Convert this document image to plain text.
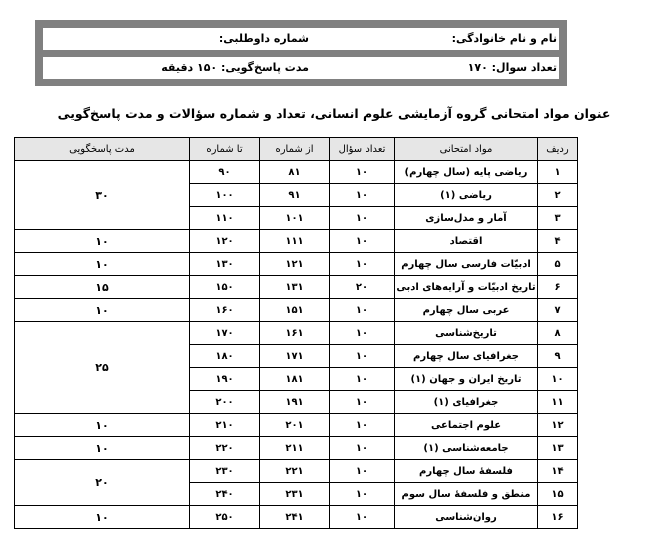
نام و نام خانوادگی:
شماره داوطلبی:
تعداد سوال: ۱۷۰
مدت پاسخ‌گویی: ۱۵۰ دقیقه
عنوان مواد امتحانی گروه آزمایشی علوم انسانی، تعداد و شماره سؤالات و مدت پاسخ‌گویی
ردیف	مواد امتحانی	تعداد سؤال	از شماره	تا شماره	مدت پاسخگویی
۱	ریاضی پایه (سال چهارم)	۱۰	۸۱	۹۰	۳۰
۲	ریاضی (۱)	۱۰	۹۱	۱۰۰	
۳	آمار و مدل‌سازی	۱۰	۱۰۱	۱۱۰	
۴	اقتصاد	۱۰	۱۱۱	۱۲۰	۱۰
۵	ادبیّات فارسی سال چهارم	۱۰	۱۲۱	۱۳۰	۱۰
۶	تاریخ ادبیّات و آرایه‌های ادبی	۲۰	۱۳۱	۱۵۰	۱۵
۷	عربی سال چهارم	۱۰	۱۵۱	۱۶۰	۱۰
۸	تاریخ‌شناسی	۱۰	۱۶۱	۱۷۰	۲۵
۹	جغرافیای سال چهارم	۱۰	۱۷۱	۱۸۰	
۱۰	تاریخ ایران و جهان (۱)	۱۰	۱۸۱	۱۹۰	
۱۱	جغرافیای (۱)	۱۰	۱۹۱	۲۰۰	
۱۲	علوم اجتماعی	۱۰	۲۰۱	۲۱۰	۱۰
۱۳	جامعه‌شناسی (۱)	۱۰	۲۱۱	۲۲۰	۱۰
۱۴	فلسفهٔ سال چهارم	۱۰	۲۲۱	۲۳۰	۲۰
۱۵	منطق و فلسفهٔ سال سوم	۱۰	۲۳۱	۲۴۰	
۱۶	روان‌شناسی	۱۰	۲۴۱	۲۵۰	۱۰
